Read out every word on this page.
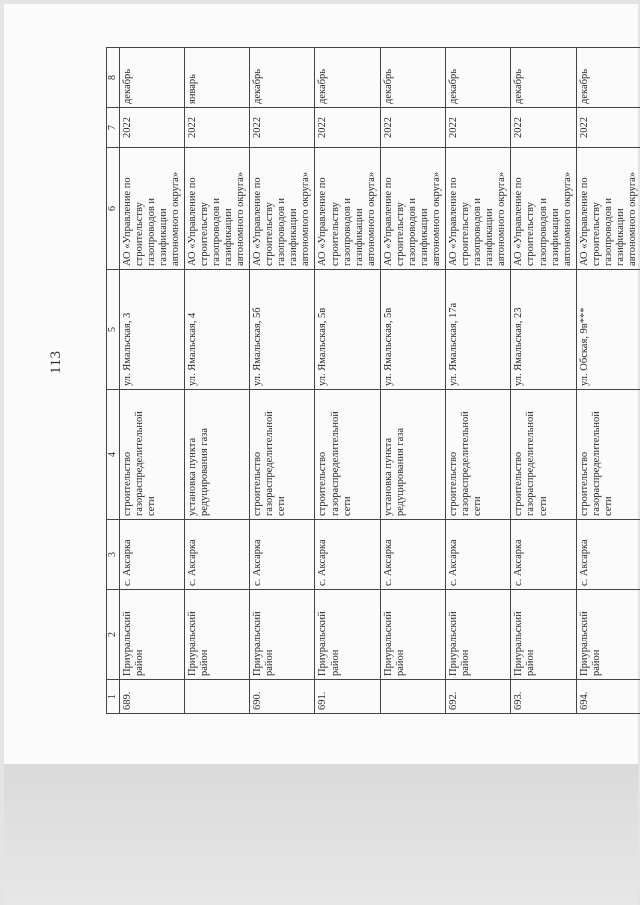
113
1	2	3	4	5	6	7	8
689.	Приуральский район	с. Аксарка	строительство газораспределительной сети	ул. Ямальская, 3	АО «Управление по строительству газопроводов и газификации автономного округа»	2022	декабрь
	Приуральский район	с. Аксарка	установка пункта редуцирования газа	ул. Ямальская, 4	АО «Управление по строительству газопроводов и газификации автономного округа»	2022	январь
690.	Приуральский район	с. Аксарка	строительство газораспределительной сети	ул. Ямальская, 5б	АО «Управление по строительству газопроводов и газификации автономного округа»	2022	декабрь
691.	Приуральский район	с. Аксарка	строительство газораспределительной сети	ул. Ямальская, 5в	АО «Управление по строительству газопроводов и газификации автономного округа»	2022	декабрь
	Приуральский район	с. Аксарка	установка пункта редуцирования газа	ул. Ямальская, 5в	АО «Управление по строительству газопроводов и газификации автономного округа»	2022	декабрь
692.	Приуральский район	с. Аксарка	строительство газораспределительной сети	ул. Ямальская, 17а	АО «Управление по строительству газопроводов и газификации автономного округа»	2022	декабрь
693.	Приуральский район	с. Аксарка	строительство газораспределительной сети	ул. Ямальская, 23	АО «Управление по строительству газопроводов и газификации автономного округа»	2022	декабрь
694.	Приуральский район	с. Аксарка	строительство газораспределительной сети	ул. Обская, 9в***	АО «Управление по строительству газопроводов и газификации автономного округа»	2022	декабрь
